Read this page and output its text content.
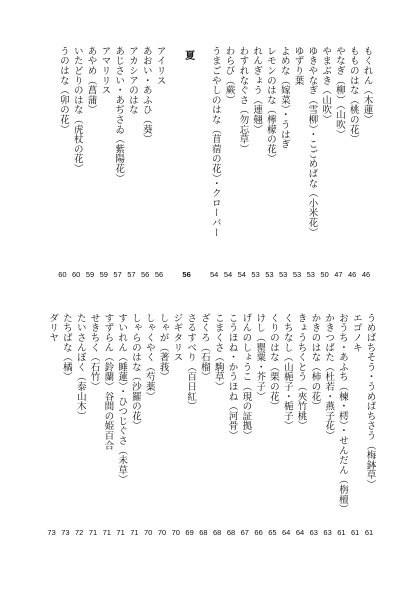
もくれん（木蓮）
46
もものはな（桃の花）
46
やなぎ（柳）（山吹）
47
やまぶき（山吹）
50
ゆきやなぎ（雪柳）・こごめばな（小米花）
53
ゆずり葉
53
よめな（嫁菜）・うはぎ
53
レモンのはな（檸檬の花）
53
れんぎょう（連翹）
53
わすれなぐさ（勿忘草）
54
わらび（蕨）
54
うまごやしのはな（苜蓿の花）・クローバー
54
夏
56
アイリス
56
あおい・あふひ（葵）
56
アカシアのはな
57
あじさい・あぢさゐ（紫陽花）
57
アマリリス
59
あやめ（菖蒲）
59
いたどりのはな（虎杖の花）
60
うのはな（卯の花）
60
うめばちそう・うめばちさう（梅鉢草）
61
エゴノキ
61
おうち・あふち（楝・樗）・せんだん（栴檀）
61
かきつばた（杜若・燕子花）
63
かきのはな（柿の花）
63
きょうちくとう（夾竹桃）
64
くちなし（山梔子・梔子）
64
くりのはな（栗の花）
65
けし（罌粟・芥子）
66
げんのしょうこ（現の証拠）
67
こうほね・かうほね（河骨）
68
こまくさ（駒草）
68
ざくろ（石榴）
68
さるすべり（百日紅）
69
ジギタリス
70
しゃが（著莪）
70
しゃくやく（芍薬）
70
しゃらのはな（沙羅の花）
71
すいれん（睡蓮）・ひつじぐさ（未草）
71
すずらん（鈴蘭）谷間の姫百合
71
せきちく（石竹）
71
たいさんぼく（泰山木）
72
たちばな（橘）
73
ダリヤ
73
